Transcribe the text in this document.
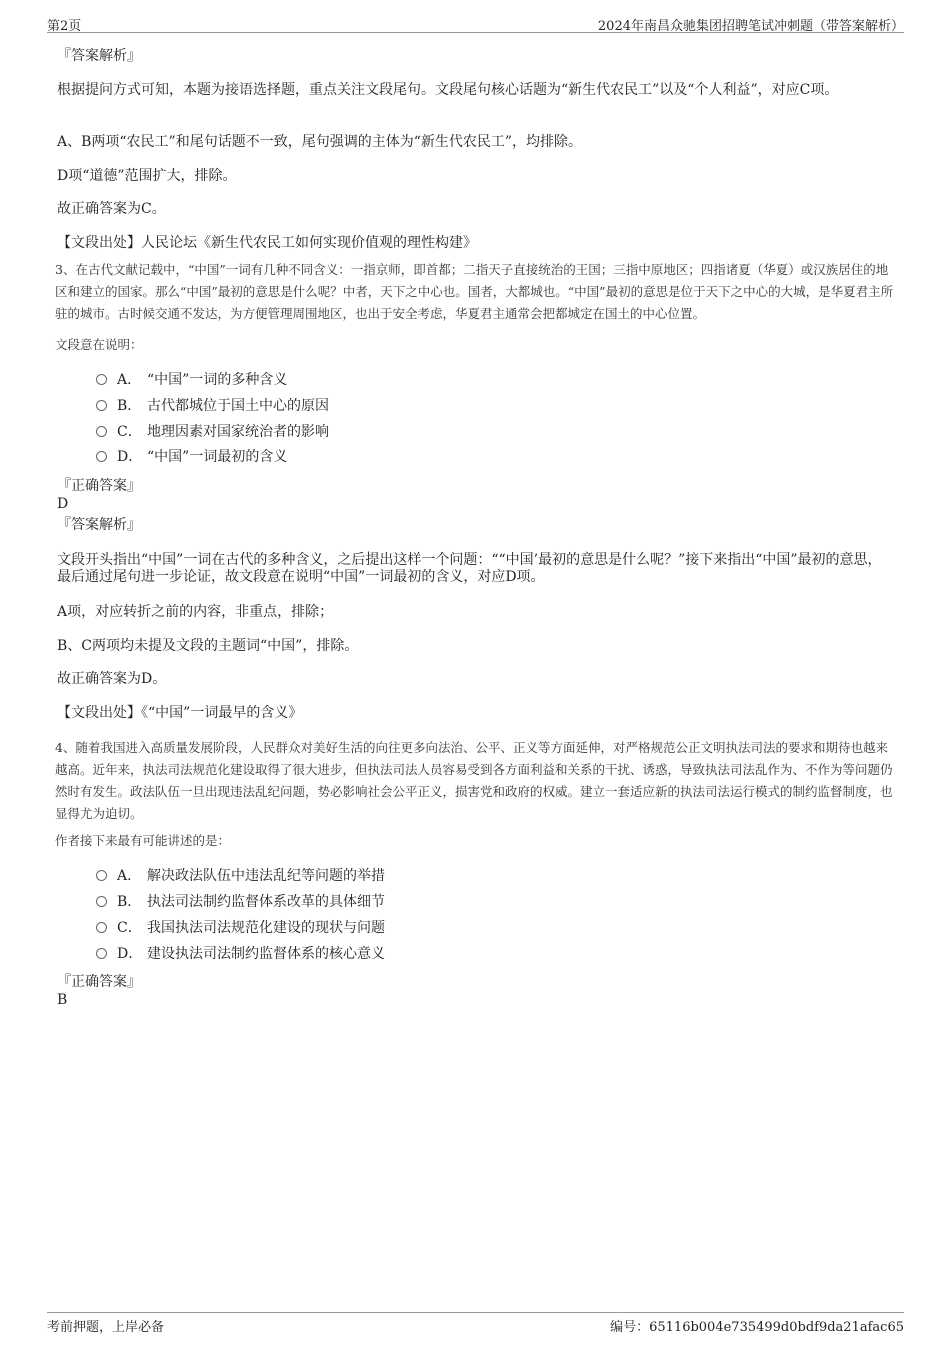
第2页	2024年南昌众驰集团招聘笔试冲刺题（带答案解析）
『答案解析』
根据提问方式可知，本题为接语选择题，重点关注文段尾句。文段尾句核心话题为“新生代农民工”以及“个人利益”，对应C项。
A、B两项“农民工”和尾句话题不一致，尾句强调的主体为“新生代农民工”，均排除。
D项“道德”范围扩大，排除。
故正确答案为C。
【文段出处】人民论坛《新生代农民工如何实现价值观的理性构建》
3、在古代文献记载中，“中国”一词有几种不同含义：一指京师，即首都；二指天子直接统治的王国；三指中原地区；四指诸夏（华夏）或汉族居住的地区和建立的国家。那么“中国”最初的意思是什么呢？中者，天下之中心也。国者，大都城也。“中国”最初的意思是位于天下之中心的大城，是华夏君主所驻的城市。古时候交通不发达，为方便管理周围地区，也出于安全考虑，华夏君主通常会把都城定在国土的中心位置。
文段意在说明：
A． “中国”一词的多种含义
B． 古代都城位于国土中心的原因
C． 地理因素对国家统治者的影响
D． “中国”一词最初的含义
『正确答案』
D
『答案解析』
文段开头指出“中国”一词在古代的多种含义，之后提出这样一个问题：““中国’最初的意思是什么呢？”接下来指出“中国”最初的意思，最后通过尾句进一步论证，故文段意在说明“中国”一词最初的含义，对应D项。
A项，对应转折之前的内容，非重点，排除；
B、C两项均未提及文段的主题词“中国”，排除。
故正确答案为D。
【文段出处】《“中国”一词最早的含义》
4、随着我国进入高质量发展阶段，人民群众对美好生活的向往更多向法治、公平、正义等方面延伸，对严格规范公正文明执法司法的要求和期待也越来越高。近年来，执法司法规范化建设取得了很大进步，但执法司法人员容易受到各方面利益和关系的干扰、诱惑，导致执法司法乱作为、不作为等问题仍然时有发生。政法队伍一旦出现违法乱纪问题，势必影响社会公平正义，损害党和政府的权威。建立一套适应新的执法司法运行模式的制约监督制度，也显得尤为迫切。
作者接下来最有可能讲述的是：
A． 解决政法队伍中违法乱纪等问题的举措
B． 执法司法制约监督体系改革的具体细节
C． 我国执法司法规范化建设的现状与问题
D． 建设执法司法制约监督体系的核心意义
『正确答案』
B
考前押题，上岸必备	编号：65116b004e735499d0bdf9da21afac65
